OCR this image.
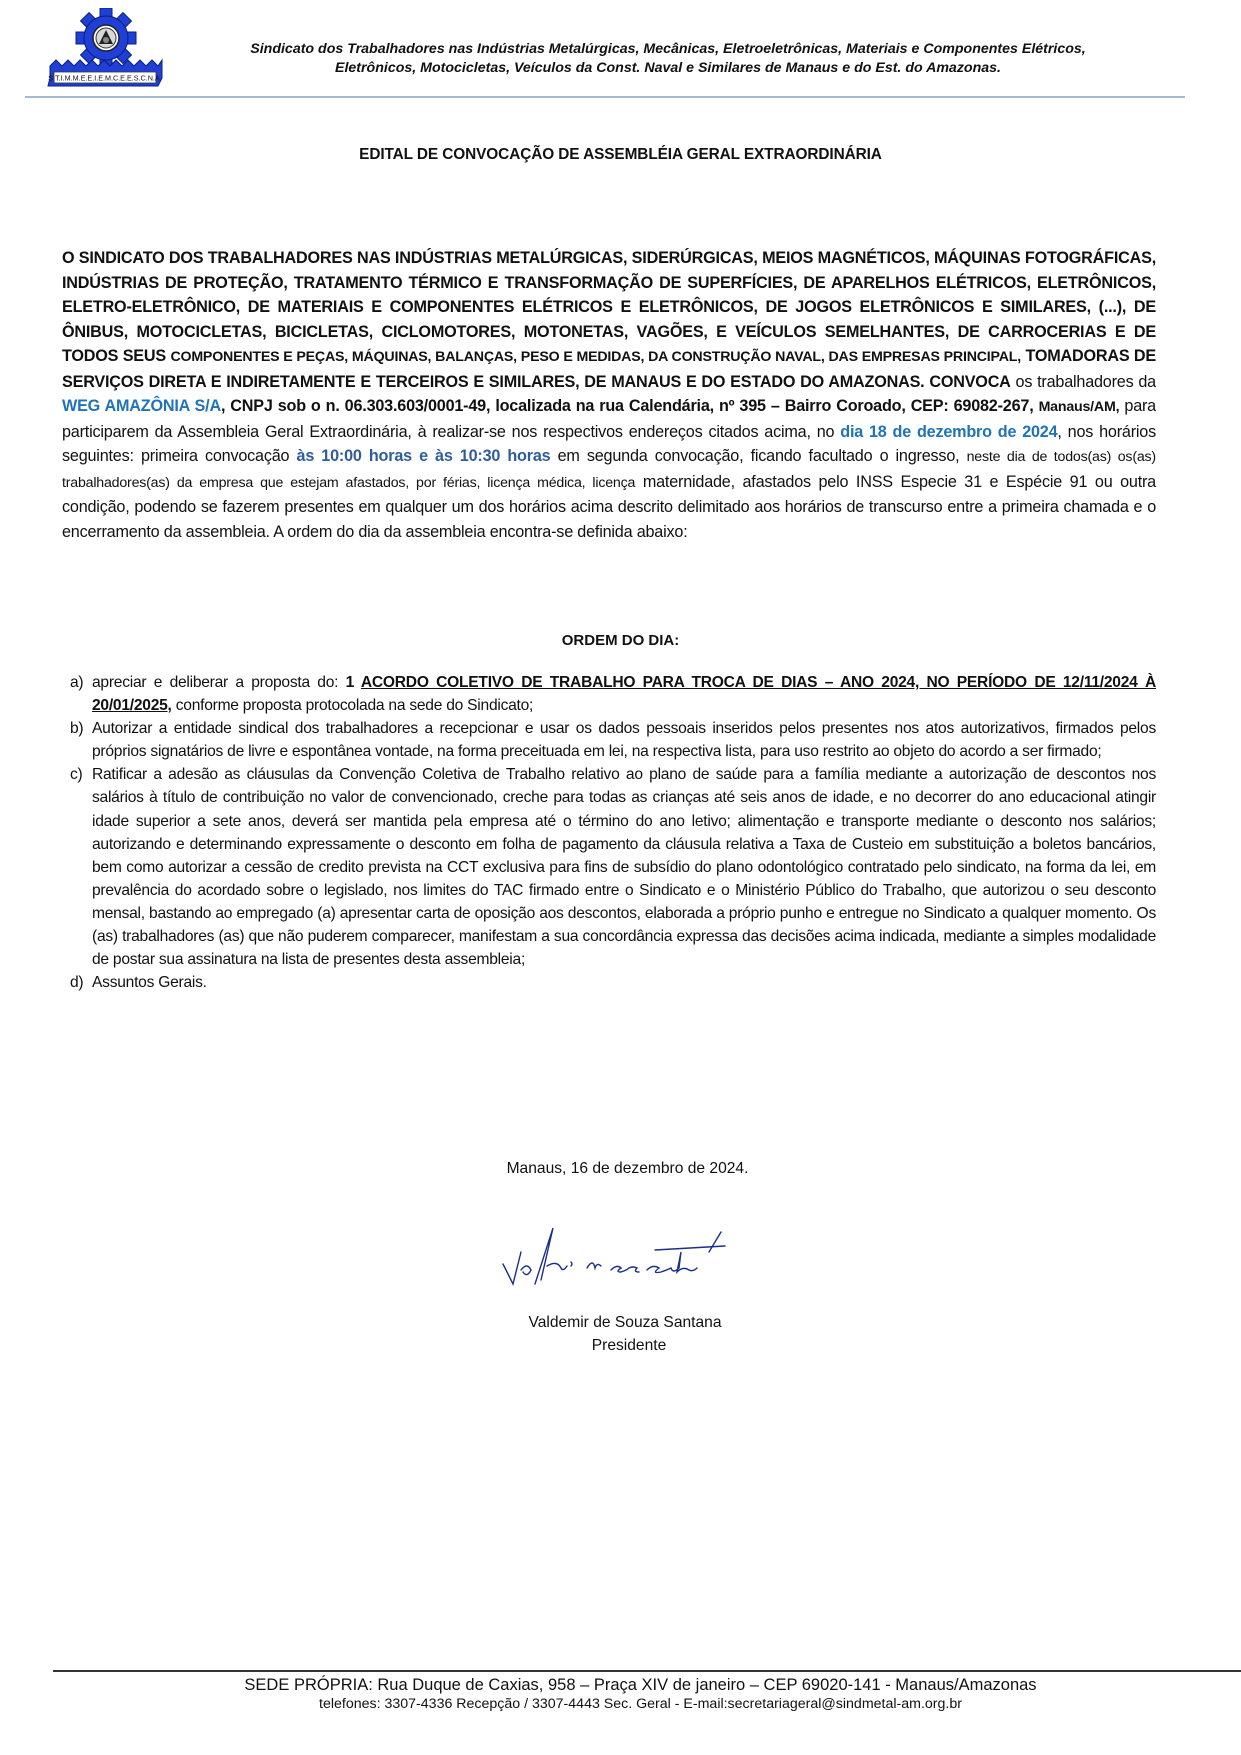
S.T.I.M.M.E.E.I.E.M.C.E.E.S.C.N.A.
Sindicato dos Trabalhadores nas Indústrias Metalúrgicas, Mecânicas, Eletroeletrônicas, Materiais e Componentes Elétricos,
Eletrônicos, Motocicletas, Veículos da Const. Naval e Similares de Manaus e do Est. do Amazonas.
EDITAL DE CONVOCAÇÃO DE ASSEMBLÉIA GERAL EXTRAORDINÁRIA
O SINDICATO DOS TRABALHADORES NAS INDÚSTRIAS METALÚRGICAS, SIDERÚRGICAS, MEIOS MAGNÉTICOS, MÁQUINAS FOTOGRÁFICAS, INDÚSTRIAS DE PROTEÇÃO, TRATAMENTO TÉRMICO E TRANSFORMAÇÃO DE SUPERFÍCIES, DE APARELHOS ELÉTRICOS, ELETRÔNICOS, ELETRO-ELETRÔNICO, DE MATERIAIS E COMPONENTES ELÉTRICOS E ELETRÔNICOS, DE JOGOS ELETRÔNICOS E SIMILARES, (...), DE ÔNIBUS, MOTOCICLETAS, BICICLETAS, CICLOMOTORES, MOTONETAS, VAGÕES, E VEÍCULOS SEMELHANTES, DE CARROCERIAS E DE TODOS SEUS COMPONENTES E PEÇAS, MÁQUINAS, BALANÇAS, PESO E MEDIDAS, DA CONSTRUÇÃO NAVAL, DAS EMPRESAS PRINCIPAL, TOMADORAS DE SERVIÇOS DIRETA E INDIRETAMENTE E TERCEIROS E SIMILARES, DE MANAUS E DO ESTADO DO AMAZONAS. CONVOCA os trabalhadores da WEG AMAZÔNIA S/A, CNPJ sob o n. 06.303.603/0001-49, localizada na rua Calendária, nº 395 – Bairro Coroado, CEP: 69082-267, Manaus/AM, para participarem da Assembleia Geral Extraordinária, à realizar-se nos respectivos endereços citados acima, no dia 18 de dezembro de 2024, nos horários seguintes: primeira convocação às 10:00 horas e às 10:30 horas em segunda convocação, ficando facultado o ingresso, neste dia de todos(as) os(as) trabalhadores(as) da empresa que estejam afastados, por férias, licença médica, licença maternidade, afastados pelo INSS Especie 31 e Espécie 91 ou outra condição, podendo se fazerem presentes em qualquer um dos horários acima descrito delimitado aos horários de transcurso entre a primeira chamada e o encerramento da assembleia. A ordem do dia da assembleia encontra-se definida abaixo:
ORDEM DO DIA:
a) apreciar e deliberar a proposta do: 1 ACORDO COLETIVO DE TRABALHO PARA TROCA DE DIAS – ANO 2024, NO PERÍODO DE 12/11/2024 À 20/01/2025, conforme proposta protocolada na sede do Sindicato;
b) Autorizar a entidade sindical dos trabalhadores a recepcionar e usar os dados pessoais inseridos pelos presentes nos atos autorizativos, firmados pelos próprios signatários de livre e espontânea vontade, na forma preceituada em lei, na respectiva lista, para uso restrito ao objeto do acordo a ser firmado;
c) Ratificar a adesão as cláusulas da Convenção Coletiva de Trabalho relativo ao plano de saúde para a família mediante a autorização de descontos nos salários à título de contribuição no valor de convencionado, creche para todas as crianças até seis anos de idade, e no decorrer do ano educacional atingir idade superior a sete anos, deverá ser mantida pela empresa até o término do ano letivo; alimentação e transporte mediante o desconto nos salários; autorizando e determinando expressamente o desconto em folha de pagamento da cláusula relativa a Taxa de Custeio em substituição a boletos bancários, bem como autorizar a cessão de credito prevista na CCT exclusiva para fins de subsídio do plano odontológico contratado pelo sindicato, na forma da lei, em prevalência do acordado sobre o legislado, nos limites do TAC firmado entre o Sindicato e o Ministério Público do Trabalho, que autorizou o seu desconto mensal, bastando ao empregado (a) apresentar carta de oposição aos descontos, elaborada a próprio punho e entregue no Sindicato a qualquer momento. Os (as) trabalhadores (as) que não puderem comparecer, manifestam a sua concordância expressa das decisões acima indicada, mediante a simples modalidade de postar sua assinatura na lista de presentes desta assembleia;
d) Assuntos Gerais.
Manaus, 16 de dezembro de 2024.
Valdemir de Souza Santana
Presidente
SEDE PRÓPRIA: Rua Duque de Caxias, 958 – Praça XIV de janeiro – CEP 69020-141 - Manaus/Amazonas
telefones: 3307-4336 Recepção / 3307-4443 Sec. Geral - E-mail:secretariageral@sindmetal-am.org.br
